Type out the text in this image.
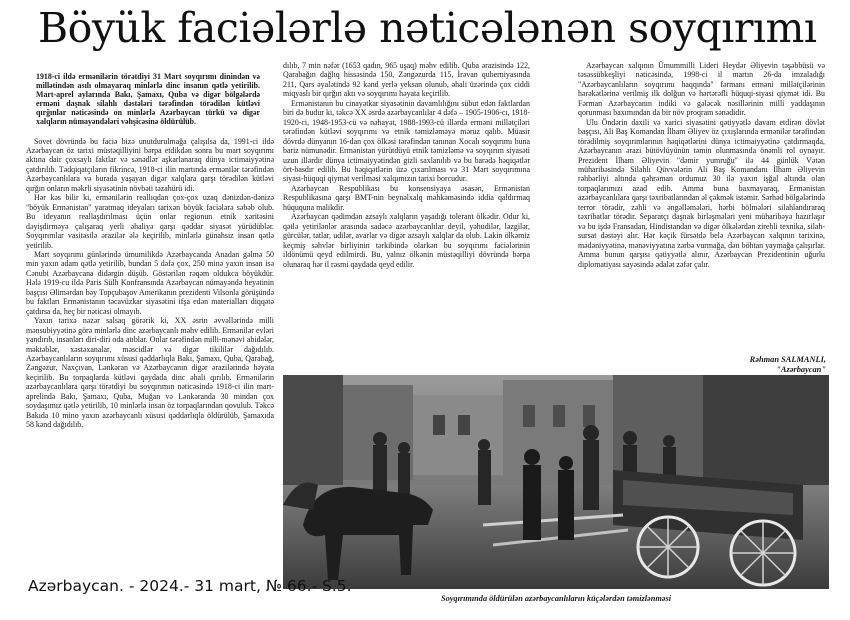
Böyük faciələrlə nəticələnən soyqırımı

1918-ci ildə ermənilərin törətdiyi 31 Mart soyqırımı dinindən və millətindən asılı olmayaraq minlərlə dinc insanın qətlə yetirilib. Mart-aprel aylarında Bakı, Şamaxı, Quba və digər bölgələrdə erməni daşnak silahlı dəstələri tərəfindən törədilən kütləvi qırğınlar nəticəsində on minlərlə Azərbaycan türkü və digər xalqların nümayəndələri vəhşicəsinə öldürülüb.

Sovet dövründə bu faciə bizə unutdurulmağa çalışılsa da, 1991-ci ildə Azərbaycan öz tarixi müstəqilliyini bərpa etdikdən sonra bu mart soyqırımı aktına dair çoxsaylı faktlar və sənədlər aşkarlanaraq dünya ictimaiyyətinə çatdırılıb. Tədqiqatçıların fikrincə, 1918-ci ilin martında ermənilər tərəfindən Azərbaycanlılara və burada yaşayan digər xalqlara qarşı törədilən kütləvi qırğın onların məkrli siyasətinin növbəti təzahürü idi.

Hər kəs bilir ki, ermənilərin reallıqdan çox-çox uzaq dənizdən-dənizə "böyük Ermənistan" yaratmaq ideyaları tarixən böyük faciələrə səbəb olub. Bu ideyanın reallaşdırılması üçün onlar regionun etnik xəritəsini dəyişdirməyə çalışaraq yerli əhaliyə qarşı qəddar siyasət yürüdüblər. Soyqırımlar vasitəsilə ərazilər ələ keçirilib, minlərlə günahsız insan qətlə yetirilib.

Mart soyqırımı günlərində ümumilikdə Azərbaycanda Anadan gəlmə 50 min yaxın adam qətlə yetirilib, bundan 5 dəfə çox, 250 minə yaxın insan isə Cənubi Azərbaycana didərgin düşüb. Göstərilən rəqəm oldukca böyükdür. Hələ 1919-cu ildə Paris Sülh Konfransında Azərbaycan nümayəndə heyətinin başçısı Əlimərdan bəy Topçubaşov Amerikanın prezidenti Vilsonla görüşündə bu faktları Ermənistanın təcavüzkar siyasətini ifşa edən materialları diqqətə çatdırsa da, heç bir nəticəsi olmayıb.

Yaxın tarixə nəzər salsaq görərik ki, XX əsrin əvvəllərində milli mənsubiyyətinə görə minlərlə dinc azərbaycanlı məhv edilib. Ermənilər evləri yandırıb, insanları diri-diri oda atıblar. Onlar tərəfindən milli-mənəvi abidələr, məktəblər, xəstəxanalar, məscidlər və digər tikililər dağıdılıb. Azərbaycanlıların soyqırımı xüsusi qəddarlıqla Bakı, Şamaxı, Quba, Qarabağ, Zəngəzur, Naxçıvan, Lənkəran və Azərbaycanın digər ərazilərində həyata keçirilib. Bu torpaqlarda kütləvi qaydada dinc əhali qırılıb. Ermənilərin azərbaycanlılara qarşı törətdiyi bu soyqırımın nəticəsində 1918-ci ilin mart-aprelində Bakı, Şamaxı, Quba, Muğan və Lənkəranda 30 mindən çox soydaşımız qətlə yetirilib, 10 minlərlə insan öz torpaqlarından qovulub. Təkcə Bakıda 10 mino yaxın azərbaycanlı xüsusi qəddarlıqla öldürülüb, Şamaxıda 58 kənd dağıdılıb.

dılıb, 7 min nəfər (1653 qadın, 965 uşaq) məhv edilib. Quba ərazisində 122, Qarabağın dağlıq hissəsində 150, Zəngəzurda 115, İrəvan quberniyasında 211, Qars əyalətində 92 kənd yerlə yeksan olunub, əhali üzərində çox ciddi miqyaslı bir qırğın aktı və soyqırımı həyata keçirilib.

Ermənistanın bu cinayətkar siyasətinin davamlılığını sübut edən faktlardan biri də budur ki, təkcə XX əsrdə azərbaycanlılar 4 dəfə – 1905-1906-cı, 1918-1920-ci, 1948-1953-cü və nəhayət, 1988-1993-cü illərdə erməni millətçiləri tərəfindən kütləvi soyqırımı və etnik təmizləməyə məruz qalıb. Müasir dövrdə dünyanın 16-dan çox ölkəsi tərəfindən tanınan Xocalı soyqırımı buna bariz nümunədir. Ermənistan yürütdüyü etnik təmizləmə və soyqırım siyasəti uzun illərdir dünya ictimaiyyətindən gizli saxlanılıb və bu barədə həqiqətlər ört-basdır edilib. Bu həqiqətlərin üzə çıxarılması və 31 Mart soyqırımına siyasi-hüquqi qiymət verilməsi xalqımızın tarixi borcudur.

Azərbaycan Respublikası bu konsensiyaya əsasən, Ermənistan Respublikasına qarşı BMT-nin beynəlxalq məhkəməsində iddia qaldırmaq hüququna malikdir.

Azərbaycan qədimdən azsaylı xalqların yaşadığı tolerant ölkədir. Odur ki, qətlə yetirilənlər arasında sadəcə azərbaycanlılar deyil, yəhudilər, ləzgilər, gürcülər, tatlar, udilər, avarlar və digər azsaylı xalqlar da olub. Lakin ölkəmiz keçmiş səhvlər birliyinin tərkibində olarkən bu soyqırımı faciələrinin ildönümü qeyd edilmirdi. Bu, yalnız ölkənin müstəqilliyi dövründə bərpa olunaraq hər il rəsmi qaydada qeyd edilir.

Azərbaycan xalqının Ümummilli Lideri Heydər Əliyevin təşəbbüsü və təsəssübkeşliyi nəticəsində, 1998-ci il martın 26-da imzaladığı "Azərbaycanlıların soyqırımı haqqında" fərmanı erməni millətçilərinin hərəkətlərinə verilmiş ilk dolğun və hərtərəfli hüquqi-siyasi qiymət idi. Bu Fərman Azərbaycanın indiki və gələcək nəsillərinin milli yaddaşının qorunması baxımından da bir növ proqram sənədidir.

Ulu Öndərin daxili və xarici siyasətini qətiyyətlə davam etdirən dövlət başçısı, Ali Baş Komandan İlham Əliyev öz çıxışlarında ermənilər tərəfindən törədilmiş soyqırımlarının həqiqətlərini dünya ictimaiyyətinə çatdırmaqda, Azərbaycanın ərazi bütövlüyünün təmin olunmasında önəmli rol oynayır. Prezident İlham Əliyevin "dəmir yumruğu" ilə 44 günlük Vətən müharibəsində Silahlı Qüvvələrin Ali Baş Komandanı İlham Əliyevin rəhbərliyi altında qəhrəman ordumuz 30 ilə yaxın işğal altında olan torpaqlarımızı azad edib. Amma buna baxmayaraq, Ermənistan azərbaycanlılara qarşı təxribatlarından əl çəkmək istəmir. Sərhəd bölgələrində terror törədir, zəhli və əngəlləmələri, hərbi bölmələri silahlandıraraq təxribatlar törədir. Separatçı daşnak birləşmələri yeni müharibəyə hazırlaşır və bu işdə Fransadan, Hindistandan və digər ölkələrdən zirehli texnika, silah-sursat dəstəyi alır. Hər kəçik fürsətdə belə Azərbaycan xalqının tarixinə, mədəniyyətinə, mənəviyyatına zərbə vurmağa, dən böhtan yaymağa çalışırlar. Amma bunun qarşısı qətiyyətlə alınır, Azərbaycan Prezidentinin uğurlu diplomatiyası sayəsində ədalət zəfər çalır.

Rəhman SALMANLI,
"Azərbaycan"
Soyqırımında öldürülən azərbaycanlıların küçələrdən təmizlənməsi
Azərbaycan. - 2024.- 31 mart, № 66.- S.5.
